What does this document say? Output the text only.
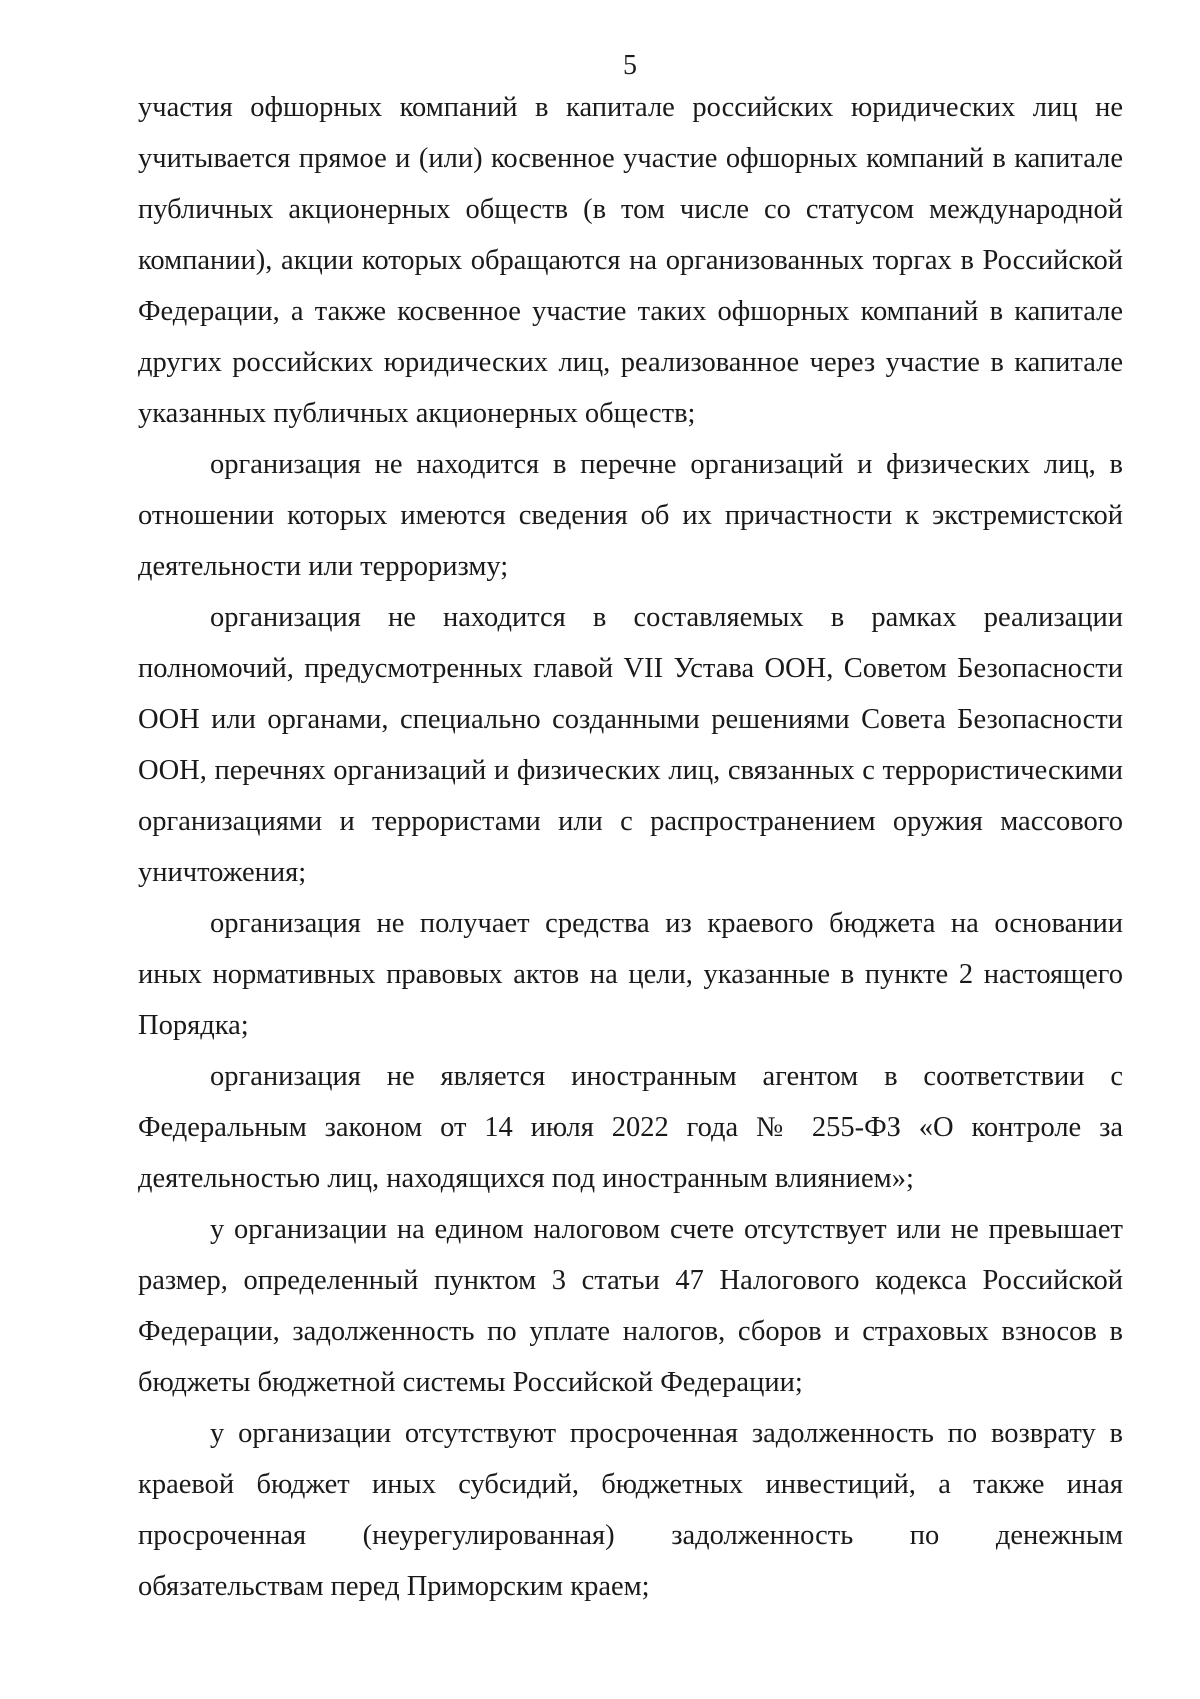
5

участия офшорных компаний в капитале российских юридических лиц не учитывается прямое и (или) косвенное участие офшорных компаний в капитале публичных акционерных обществ (в том числе со статусом международной компании), акции которых обращаются на организованных торгах в Российской Федерации, а также косвенное участие таких офшорных компаний в капитале других российских юридических лиц, реализованное через участие в капитале

указанных публичных акционерных обществ;

организация не находится в перечне организаций и физических лиц, в отношении которых имеются сведения об их причастности к экстремистской

деятельности или терроризму;

организация не находится в составляемых в рамках реализации полномочий, предусмотренных главой VII Устава ООН, Советом Безопасности ООН или органами, специально созданными решениями Совета Безопасности ООН, перечнях организаций и физических лиц, связанных с террористическими организациями и террористами или с распространением оружия массового

уничтожения;

организация не получает средства из краевого бюджета на основании иных нормативных правовых актов на цели, указанные в пункте 2 настоящего

Порядка;

организация не является иностранным агентом в соответствии с Федеральным законом от 14 июля 2022 года № 255-ФЗ «О контроле за

деятельностью лиц, находящихся под иностранным влиянием»;

у организации на едином налоговом счете отсутствует или не превышает размер, определенный пунктом 3 статьи 47 Налогового кодекса Российской Федерации, задолженность по уплате налогов, сборов и страховых взносов в

бюджеты бюджетной системы Российской Федерации;

у организации отсутствуют просроченная задолженность по возврату в краевой бюджет иных субсидий, бюджетных инвестиций, а также иная просроченная (неурегулированная) задолженность по денежным

обязательствам перед Приморским краем;
